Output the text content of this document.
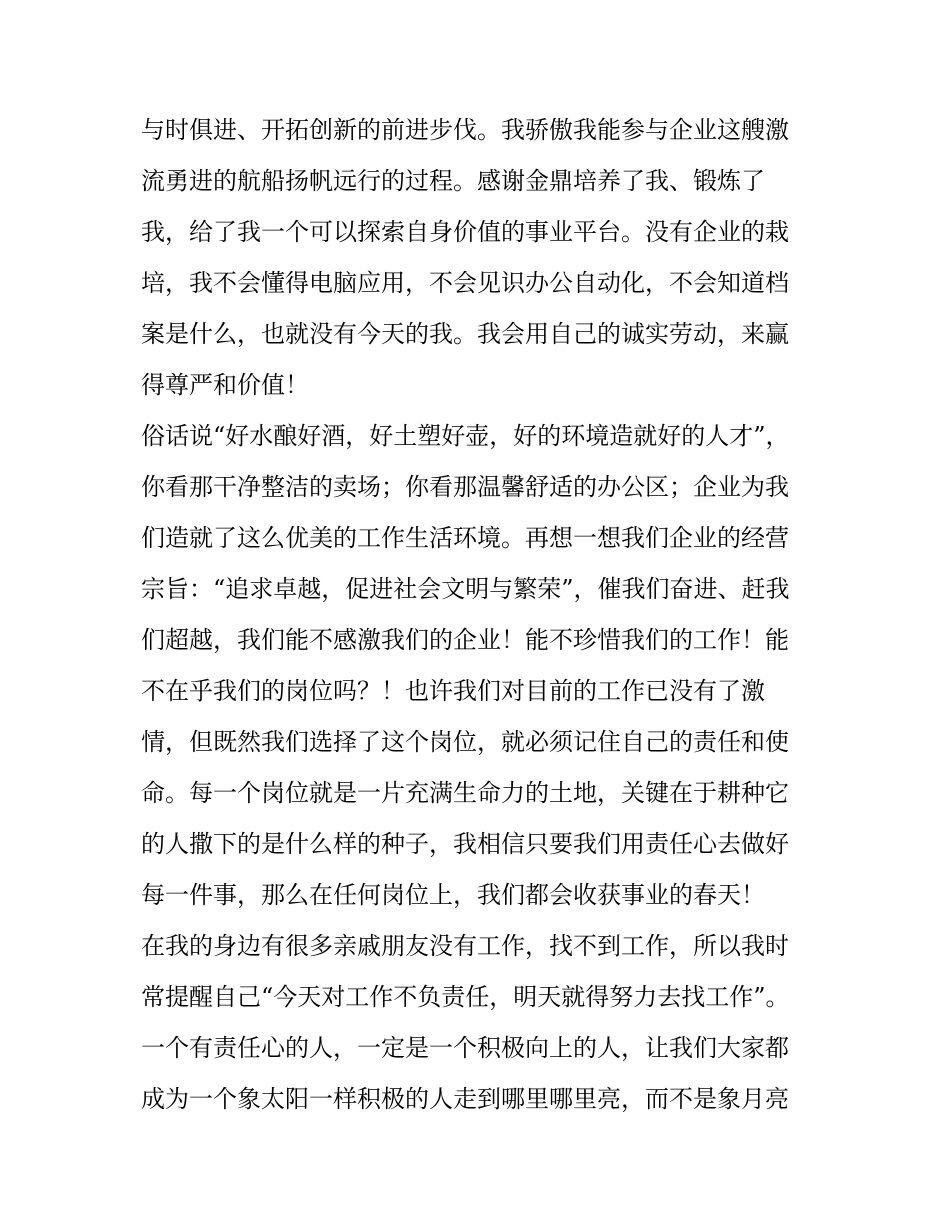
与时俱进、开拓创新的前进步伐。我骄傲我能参与企业这艘激
流勇进的航船扬帆远行的过程。感谢金鼎培养了我、锻炼了
我，给了我一个可以探索自身价值的事业平台。没有企业的栽
培，我不会懂得电脑应用，不会见识办公自动化，不会知道档
案是什么，也就没有今天的我。我会用自己的诚实劳动，来赢
得尊严和价值！
俗话说“好水酿好酒，好土塑好壶，好的环境造就好的人才”，
你看那干净整洁的卖场；你看那温馨舒适的办公区；企业为我
们造就了这么优美的工作生活环境。再想一想我们企业的经营
宗旨：“追求卓越，促进社会文明与繁荣”，催我们奋进、赶我
们超越，我们能不感激我们的企业！能不珍惜我们的工作！能
不在乎我们的岗位吗？！也许我们对目前的工作已没有了激
情，但既然我们选择了这个岗位，就必须记住自己的责任和使
命。每一个岗位就是一片充满生命力的土地，关键在于耕种它
的人撒下的是什么样的种子，我相信只要我们用责任心去做好
每一件事，那么在任何岗位上，我们都会收获事业的春天！
在我的身边有很多亲戚朋友没有工作，找不到工作，所以我时
常提醒自己“今天对工作不负责任，明天就得努力去找工作”。
一个有责任心的人，一定是一个积极向上的人，让我们大家都
成为一个象太阳一样积极的人走到哪里哪里亮，而不是象月亮
